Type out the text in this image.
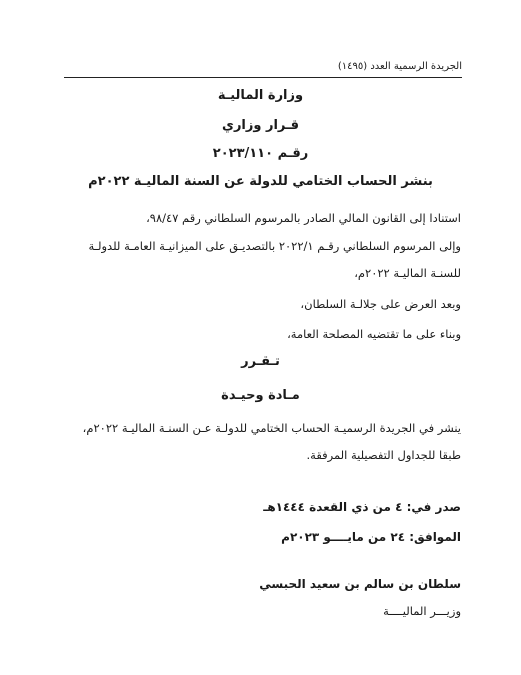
الجريدة الرسمية العدد (١٤٩٥)
وزارة الماليـة
قـرار وزاري
رقـم ٢٠٢٣/١١٠
بنشر الحساب الختامي للدولة عن السنة الماليـة ٢٠٢٢م
استنادا إلى القانون المالي الصادر بالمرسوم السلطاني رقم ٩٨/٤٧،
وإلى المرسوم السلطاني رقـم ٢٠٢٢/١ بالتصديـق على الميزانيـة العامـة للدولـة
للسنـة الماليـة ٢٠٢٢م،
وبعد العرض على جلالـة السلطان،
وبناء على ما تقتضيه المصلحة العامة،
تـقـرر
مـادة وحيـدة
ينشر في الجريدة الرسميـة الحساب الختامي للدولـة عـن السنـة الماليـة ٢٠٢٢م،
طبقا للجداول التفصيلية المرفقة.
صدر في: ٤ من ذي القعدة ١٤٤٤هـ
الموافق: ٢٤ من مايــــو ٢٠٢٣م
سلطان بن سالم بن سعيد الحبسي
وزيـــر الماليــــة
